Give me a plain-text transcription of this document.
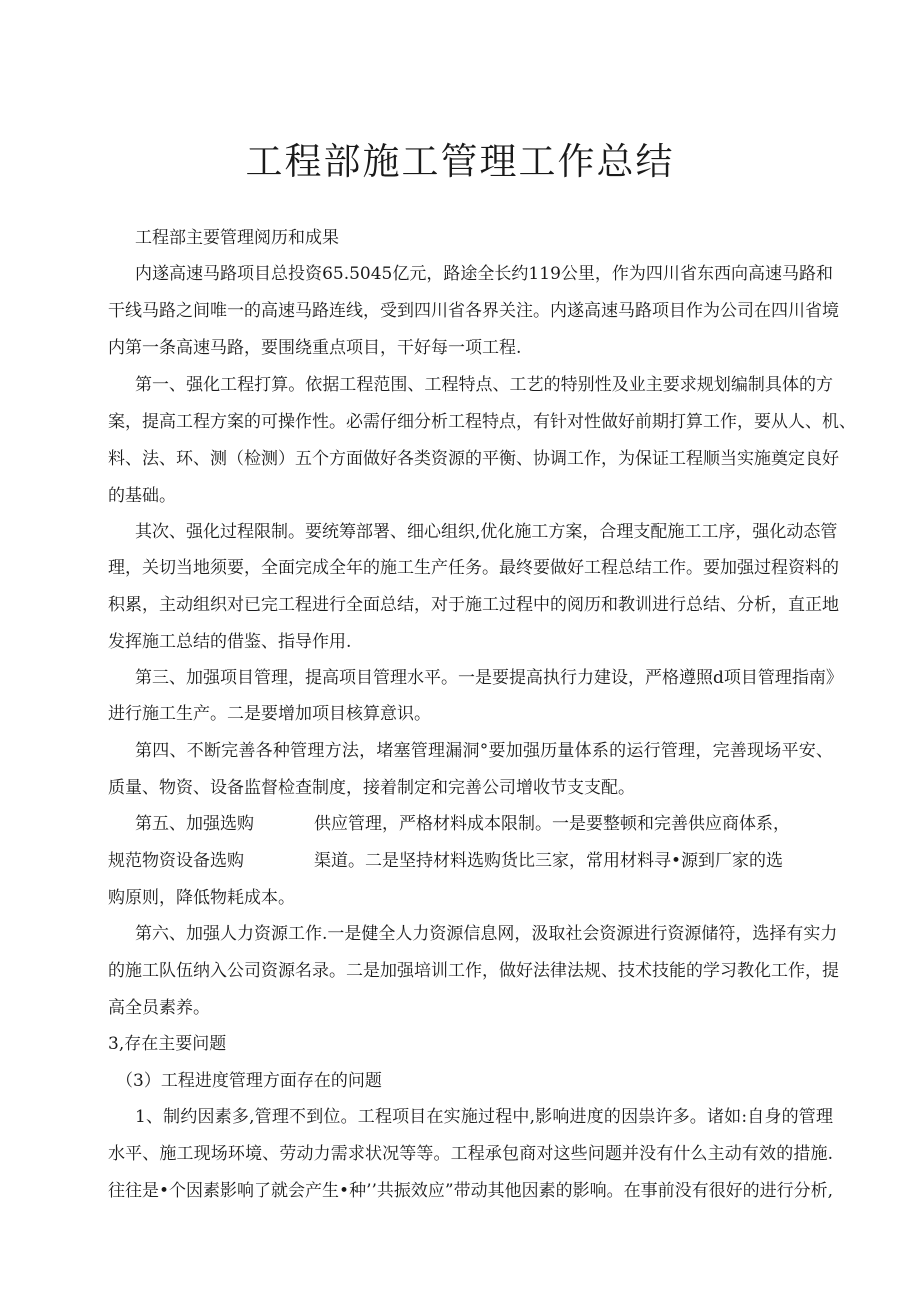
工程部施工管理工作总结
工程部主要管理阅历和成果
内遂高速马路项目总投资65.5045亿元，路途全长约119公里，作为四川省东西向高速马路和
干线马路之间唯一的高速马路连线，受到四川省各界关注。内遂高速马路项目作为公司在四川省境
内第一条高速马路，要围绕重点项目，干好每一项工程.
第一、强化工程打算。依据工程范围、工程特点、工艺的特别性及业主要求规划编制具体的方
案，提高工程方案的可操作性。必需仔细分析工程特点，有针对性做好前期打算工作，要从人、机、
料、法、环、测（检测）五个方面做好各类资源的平衡、协调工作，为保证工程顺当实施奠定良好
的基础。
其次、强化过程限制。要统筹部署、细心组织,优化施工方案，合理支配施工工序，强化动态管
理，关切当地须要，全面完成全年的施工生产任务。最终要做好工程总结工作。要加强过程资料的
积累，主动组织对已完工程进行全面总结，对于施工过程中的阅历和教训进行总结、分析，直正地
发挥施工总结的借鉴、指导作用.
第三、加强项目管理，提高项目管理水平。一是要提高执行力建设，严格遵照d项目管理指南》
进行施工生产。二是要增加项目核算意识。
第四、不断完善各种管理方法，堵塞管理漏洞°要加强历量体系的运行管理，完善现场平安、
质量、物资、设备监督检查制度，接着制定和完善公司增收节支支配。
第五、加强选购	供应管理，严格材料成本限制。一是要整顿和完善供应商体系，
规范物资设备选购	渠道。二是坚持材料选购货比三家，常用材料寻•源到厂家的选
购原则，降低物耗成本。
第六、加强人力资源工作.一是健全人力资源信息网，汲取社会资源进行资源储符，选择有实力
的施工队伍纳入公司资源名录。二是加强培训工作，做好法律法规、技术技能的学习教化工作，提
高全员素养。
3,存在主要问题
（3）工程进度管理方面存在的问题
1、制约因素多,管理不到位。工程项目在实施过程中,影响进度的因祟许多。诸如:自身的管理
水平、施工现场环境、劳动力需求状况等等。工程承包商对这些问题并没有什么主动有效的措施.
往往是•个因素影响了就会产生•种’’共振效应”带动其他因素的影响。在事前没有很好的进行分析,
